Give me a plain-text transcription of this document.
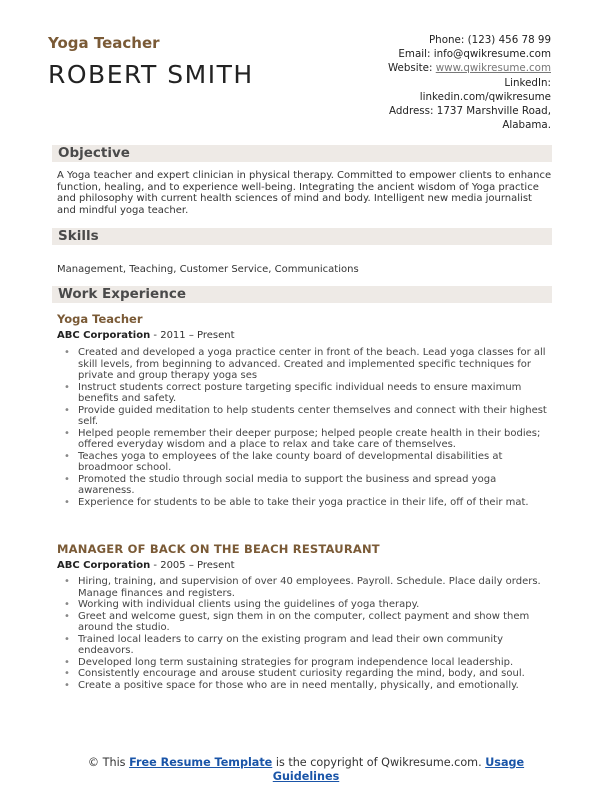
Yoga Teacher
ROBERT SMITH
Phone: (123) 456 78 99
Email: info@qwikresume.com
Website: www.qwikresume.com
LinkedIn:
linkedin.com/qwikresume
Address: 1737 Marshville Road,
Alabama.
Objective
A Yoga teacher and expert clinician in physical therapy. Committed to empower clients to enhance function, healing, and to experience well-being. Integrating the ancient wisdom of Yoga practice and philosophy with current health sciences of mind and body. Intelligent new media journalist and mindful yoga teacher.
Skills
Management, Teaching, Customer Service, Communications
Work Experience
Yoga Teacher
ABC Corporation - 2011 – Present
• Created and developed a yoga practice center in front of the beach. Lead yoga classes for all skill levels, from beginning to advanced. Created and implemented specific techniques for private and group therapy yoga ses
• Instruct students correct posture targeting specific individual needs to ensure maximum benefits and safety.
• Provide guided meditation to help students center themselves and connect with their highest self.
• Helped people remember their deeper purpose; helped people create health in their bodies; offered everyday wisdom and a place to relax and take care of themselves.
• Teaches yoga to employees of the lake county board of developmental disabilities at broadmoor school.
• Promoted the studio through social media to support the business and spread yoga awareness.
• Experience for students to be able to take their yoga practice in their life, off of their mat.
MANAGER OF BACK ON THE BEACH RESTAURANT
ABC Corporation - 2005 – Present
• Hiring, training, and supervision of over 40 employees. Payroll. Schedule. Place daily orders. Manage finances and registers.
• Working with individual clients using the guidelines of yoga therapy.
• Greet and welcome guest, sign them in on the computer, collect payment and show them around the studio.
• Trained local leaders to carry on the existing program and lead their own community endeavors.
• Developed long term sustaining strategies for program independence local leadership.
• Consistently encourage and arouse student curiosity regarding the mind, body, and soul.
• Create a positive space for those who are in need mentally, physically, and emotionally.
© This Free Resume Template is the copyright of Qwikresume.com. Usage
Guidelines
